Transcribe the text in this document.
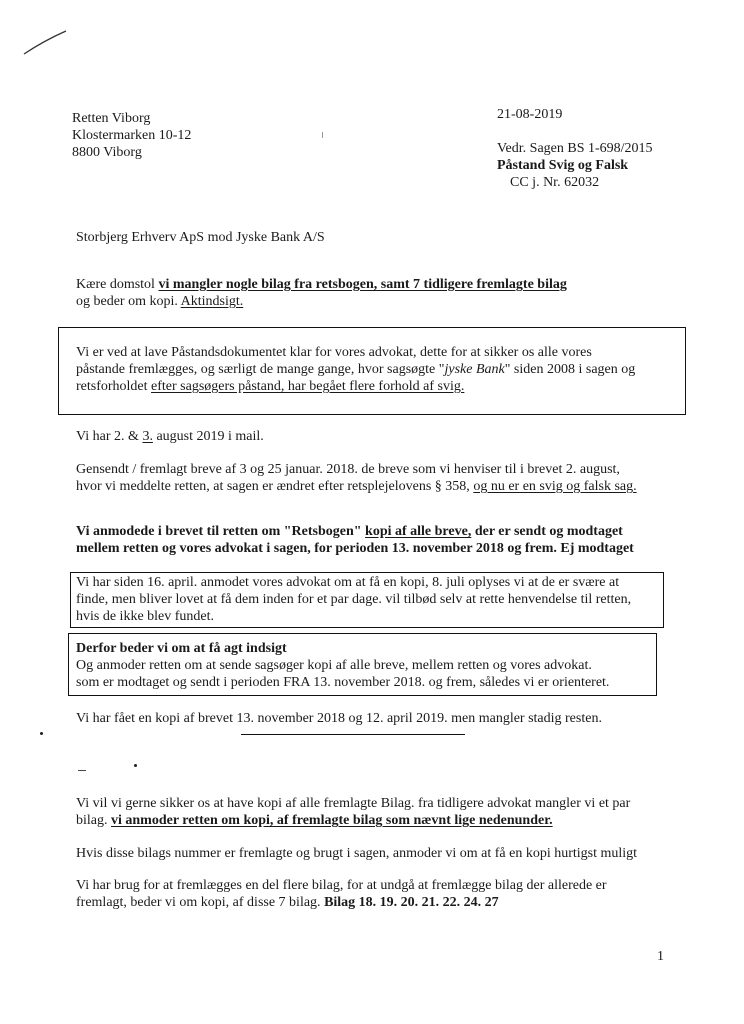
Retten Viborg
Klostermarken 10-12
8800 Viborg
21-08-2019
Vedr. Sagen BS 1-698/2015
Påstand Svig og Falsk
CC j. Nr. 62032
Storbjerg Erhverv ApS mod Jyske Bank A/S
Kære domstol vi mangler nogle bilag fra retsbogen, samt 7 tidligere fremlagte bilag
og beder om kopi. Aktindsigt.
Vi er ved at lave Påstandsdokumentet klar for vores advokat, dette for at sikker os alle vores
påstande fremlægges, og særligt de mange gange, hvor sagsøgte "jyske Bank" siden 2008 i sagen og
retsforholdet efter sagsøgers påstand, har begået flere forhold af svig.
Vi har 2. & 3. august 2019 i mail.
Gensendt / fremlagt breve af 3 og 25 januar. 2018. de breve som vi henviser til i brevet 2. august,
hvor vi meddelte retten, at sagen er ændret efter retsplejelovens § 358, og nu er en svig og falsk sag.
Vi anmodede i brevet til retten om "Retsbogen" kopi af alle breve, der er sendt og modtaget
mellem retten og vores advokat i sagen, for perioden 13. november 2018 og frem. Ej modtaget
Vi har siden 16. april. anmodet vores advokat om at få en kopi, 8. juli oplyses vi at de er svære at
finde, men bliver lovet at få dem inden for et par dage. vil tilbød selv at rette henvendelse til retten,
hvis de ikke blev fundet.
Derfor beder vi om at få agt indsigt
Og anmoder retten om at sende sagsøger kopi af alle breve, mellem retten og vores advokat.
som er modtaget og sendt i perioden FRA 13. november 2018. og frem, således vi er orienteret.
Vi har fået en kopi af brevet 13. november 2018 og 12. april 2019. men mangler stadig resten.
Vi vil vi gerne sikker os at have kopi af alle fremlagte Bilag. fra tidligere advokat mangler vi et par
bilag. vi anmoder retten om kopi, af fremlagte bilag som nævnt lige nedenunder.
Hvis disse bilags nummer er fremlagte og brugt i sagen, anmoder vi om at få en kopi hurtigst muligt
Vi har brug for at fremlægges en del flere bilag, for at undgå at fremlægge bilag der allerede er
fremlagt, beder vi om kopi, af disse 7 bilag. Bilag 18. 19. 20. 21. 22. 24. 27
1
